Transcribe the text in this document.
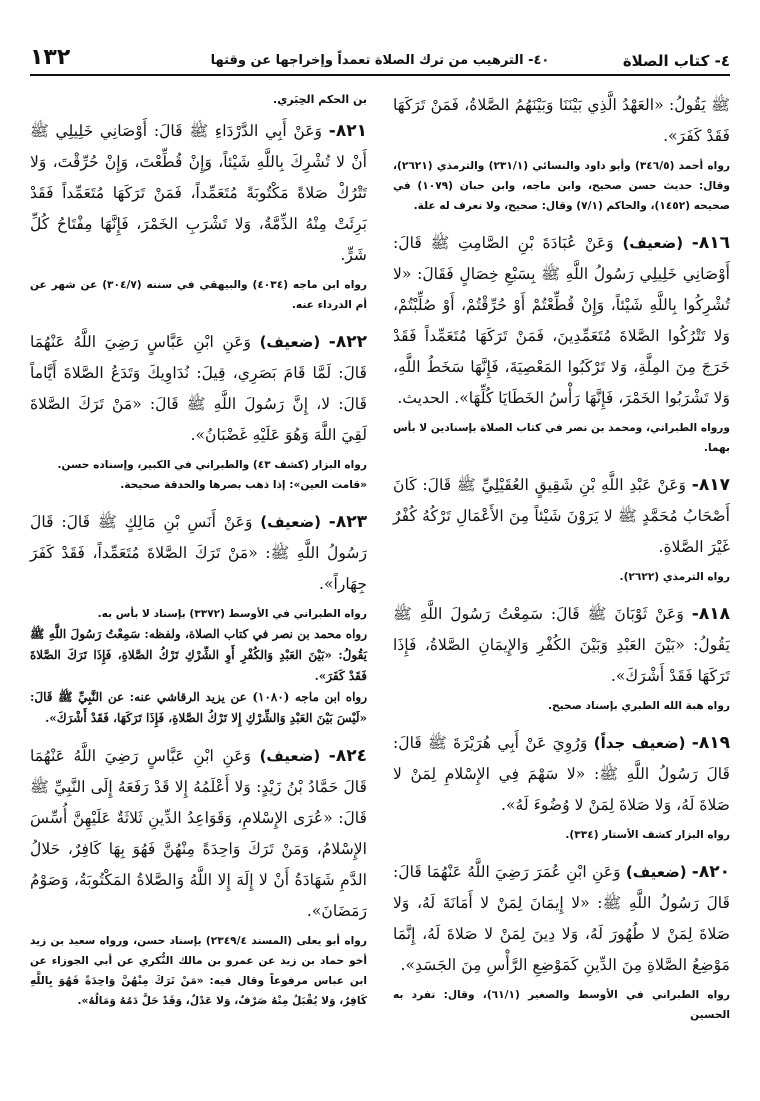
٤- كتاب الصلاة
٤٠- الترهيب من ترك الصلاة تعمداً وإخراجها عن وقتها
١٣٢

ﷺ يَقُولُ: «العَهْدُ الَّذِي بَيْنَنَا وَبَيْنَهُمُ الصَّلاةُ، فَمَنْ تَرَكَهَا فَقَدْ كَفَرَ».

رواه أحمد (٣٤٦/٥) وأبو داود والنسائي (٢٣١/١) والترمذي (٢٦٢١)، وقال: حديث حسن صحيح، وابن ماجه، وابن حبان (١٠٧٩) في صحيحه (١٤٥٢)، والحاكم (٧/١) وقال: صحيح، ولا نعرف له علة.

٨١٦- (ضعيف) وَعَنْ عُبَادَةَ بْنِ الصَّامِتِ ﷺ قَالَ: أَوْصَانِي خَلِيلِي رَسُولُ اللَّهِ ﷺ بِسَبْعِ خِصَالٍ فَقَالَ: «لا تُشْرِكُوا بِاللَّهِ شَيْئاً، وَإِنْ قُطِّعْتُمْ أَوْ حُرِّقْتُمْ، أَوْ صُلِّبْتُمْ، وَلا تَتْرُكُوا الصَّلاةَ مُتَعَمِّدِينَ، فَمَنْ تَرَكَهَا مُتَعَمِّداً فَقَدْ خَرَجَ مِنَ المِلَّةِ، وَلا تَرْكَبُوا المَعْصِيَةَ، فَإِنَّهَا سَخَطُ اللَّهِ، وَلا تَشْرَبُوا الخَمْرَ، فَإِنَّهَا رَأْسُ الخَطَايَا كُلِّهَا». الحديث.

ورواه الطبراني، ومحمد بن نصر في كتاب الصلاة بإسنادين لا بأس بهما.

٨١٧- وَعَنْ عَبْدِ اللَّهِ بْنِ شَقِيقٍ العُقَيْلِيِّ ﷺ قَالَ: كَانَ أَصْحَابُ مُحَمَّدٍ ﷺ لا يَرَوْنَ شَيْئاً مِنَ الأَعْمَالِ تَرْكُهُ كُفْرٌ غَيْرَ الصَّلاةِ.

رواه الترمذي (٢٦٢٢).

٨١٨- وَعَنْ ثَوْبَانَ ﷺ قَالَ: سَمِعْتُ رَسُولَ اللَّهِ ﷺ يَقُولُ: «بَيْنَ العَبْدِ وَبَيْنَ الكُفْرِ وَالإِيمَانِ الصَّلاةُ، فَإِذَا تَرَكَهَا فَقَدْ أَشْرَكَ».

رواه هبة الله الطبري بإسناد صحيح.

٨١٩- (ضعيف جداً) وَرُوِيَ عَنْ أَبِي هُرَيْرَةَ ﷺ قَالَ: قَالَ رَسُولُ اللَّهِ ﷺ: «لا سَهْمَ فِي الإِسْلامِ لِمَنْ لا صَلاةَ لَهُ، وَلا صَلاةَ لِمَنْ لا وُضُوءَ لَهُ».

رواه البزار كشف الأستار (٣٣٤).

٨٢٠- (ضعيف) وَعَنِ ابْنِ عُمَرَ رَضِيَ اللَّهُ عَنْهُمَا قَالَ: قَالَ رَسُولُ اللَّهِ ﷺ: «لا إِيمَانَ لِمَنْ لا أَمَانَةَ لَهُ، وَلا صَلاةَ لِمَنْ لا طُهُورَ لَهُ، وَلا دِينَ لِمَنْ لا صَلاةَ لَهُ، إِنَّمَا مَوْضِعُ الصَّلاةِ مِنَ الدِّينِ كَمَوْضِعِ الرَّأْسِ مِنَ الجَسَدِ».

رواه الطبراني في الأوسط والصغير (٦١/١)، وقال: تفرد به الحسين

بن الحكم الحِبَري.

٨٢١- وَعَنْ أَبِي الدَّرْدَاءِ ﷺ قَالَ: أَوْصَانِي خَلِيلِي ﷺ أَنْ لا تُشْرِكَ بِاللَّهِ شَيْئاً، وَإِنْ قُطِّعْتَ، وَإِنْ حُرِّقْتَ، وَلا تَتْرُكْ صَلاةً مَكْتُوبَةً مُتَعَمِّداً، فَمَنْ تَرَكَهَا مُتَعَمِّداً فَقَدْ بَرِئَتْ مِنْهُ الذِّمَّةُ، وَلا تَشْرَبِ الخَمْرَ، فَإِنَّهَا مِفْتَاحُ كُلِّ شَرٍّ.

رواه ابن ماجه (٤٠٣٤) والبيهقي في سننه (٣٠٤/٧) عن شهر عن أم الدرداء عنه.

٨٢٢- (ضعيف) وَعَنِ ابْنِ عَبَّاسٍ رَضِيَ اللَّهُ عَنْهُمَا قَالَ: لَمَّا قَامَ بَصَرِي، قِيلَ: نُدَاوِيكَ وَتَدَعُ الصَّلاةَ أَيَّاماً قَالَ: لا، إِنَّ رَسُولَ اللَّهِ ﷺ قَالَ: «مَنْ تَرَكَ الصَّلاةَ لَقِيَ اللَّهَ وَهُوَ عَلَيْهِ غَضْبَانُ».

رواه البزار (كشف ٤٣) والطبراني في الكبير، وإسناده حسن.

«قامت العين»: إذا ذهب بصرها والحدقة صحيحة.

٨٢٣- (ضعيف) وَعَنْ أَنَسِ بْنِ مَالِكٍ ﷺ قَالَ: قَالَ رَسُولُ اللَّهِ ﷺ: «مَنْ تَرَكَ الصَّلاةَ مُتَعَمِّداً، فَقَدْ كَفَرَ جِهَاراً».

رواه الطبراني في الأوسط (٣٣٧٢) بإسناد لا بأس به.

رواه محمد بن نصر في كتاب الصلاة، ولفظه: سَمِعْتُ رَسُولَ اللَّهِ ﷺ يَقُولُ: «بَيْنَ العَبْدِ وَالكُفْرِ أَوِ الشِّرْكِ تَرْكُ الصَّلاةِ، فَإِذَا تَرَكَ الصَّلاةَ فَقَدْ كَفَرَ».

رواه ابن ماجه (١٠٨٠) عن يزيد الرقاشي عنه: عن النَّبِيِّ ﷺ قَالَ: «لَيْسَ بَيْنَ العَبْدِ وَالشِّرْكِ إِلا تَرْكُ الصَّلاةِ، فَإِذَا تَرَكَهَا، فَقَدْ أَشْرَكَ».

٨٢٤- (ضعيف) وَعَنِ ابْنِ عَبَّاسٍ رَضِيَ اللَّهُ عَنْهُمَا قَالَ حَمَّادُ بْنُ زَيْدٍ: وَلا أَعْلَمُهُ إِلا قَدْ رَفَعَهُ إِلَى النَّبِيِّ ﷺ قَالَ: «عُرَى الإِسْلامِ، وَقَوَاعِدُ الدِّينِ ثَلاثَةٌ عَلَيْهِنَّ أُسِّسَ الإِسْلامُ، وَمَنْ تَرَكَ وَاحِدَةً مِنْهُنَّ فَهُوَ بِهَا كَافِرٌ، حَلالُ الدَّمِ شَهَادَةُ أَنْ لا إِلَهَ إِلا اللَّهُ وَالصَّلاةُ المَكْتُوبَةُ، وَصَوْمُ رَمَضَانَ».

رواه أبو يعلى (المسند ٢٣٤٩/٤) بإسناد حسن، ورواه سعيد بن زيد أخو حماد بن زيد عن عمرو بن مالك النُّكري عن أبي الجوزاء عن ابن عباس مرفوعاً وقال فيه: «مَنْ تَرَكَ مِنْهُنَّ وَاحِدَةً فَهُوَ بِاللَّهِ كَافِرٌ، وَلا يُقْبَلُ مِنْهُ صَرْفٌ، وَلا عَدْلٌ، وَقَدْ حَلَّ دَمُهُ وَمَالُهُ».
